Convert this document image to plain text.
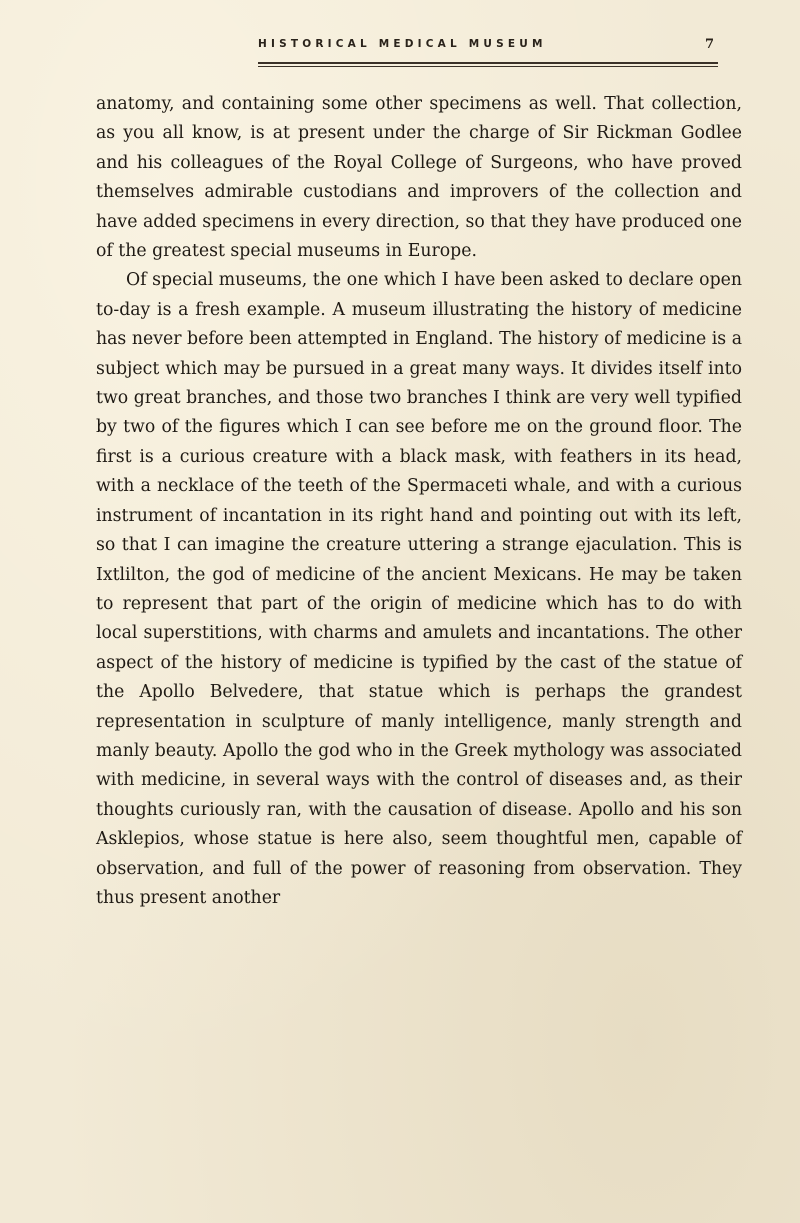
HISTORICAL MEDICAL MUSEUM	7

anatomy, and containing some other specimens as well. That collection, as you all know, is at present under the charge of Sir Rickman Godlee and his colleagues of the Royal College of Surgeons, who have proved themselves admirable custodians and improvers of the collection and have added specimens in every direction, so that they have produced one of the greatest special museums in Europe.

Of special museums, the one which I have been asked to declare open to-day is a fresh example. A museum illustrating the history of medicine has never before been attempted in England. The history of medicine is a subject which may be pursued in a great many ways. It divides itself into two great branches, and those two branches I think are very well typified by two of the figures which I can see before me on the ground floor. The first is a curious creature with a black mask, with feathers in its head, with a necklace of the teeth of the Spermaceti whale, and with a curious instrument of incantation in its right hand and pointing out with its left, so that I can imagine the creature uttering a strange ejaculation. This is Ixtlilton, the god of medicine of the ancient Mexicans. He may be taken to represent that part of the origin of medicine which has to do with local superstitions, with charms and amulets and incantations. The other aspect of the history of medicine is typified by the cast of the statue of the Apollo Belvedere, that statue which is perhaps the grandest representation in sculpture of manly intelligence, manly strength and manly beauty. Apollo the god who in the Greek mythology was associated with medicine, in several ways with the control of diseases and, as their thoughts curiously ran, with the causation of disease. Apollo and his son Asklepios, whose statue is here also, seem thoughtful men, capable of observation, and full of the power of reasoning from observation. They thus present another
